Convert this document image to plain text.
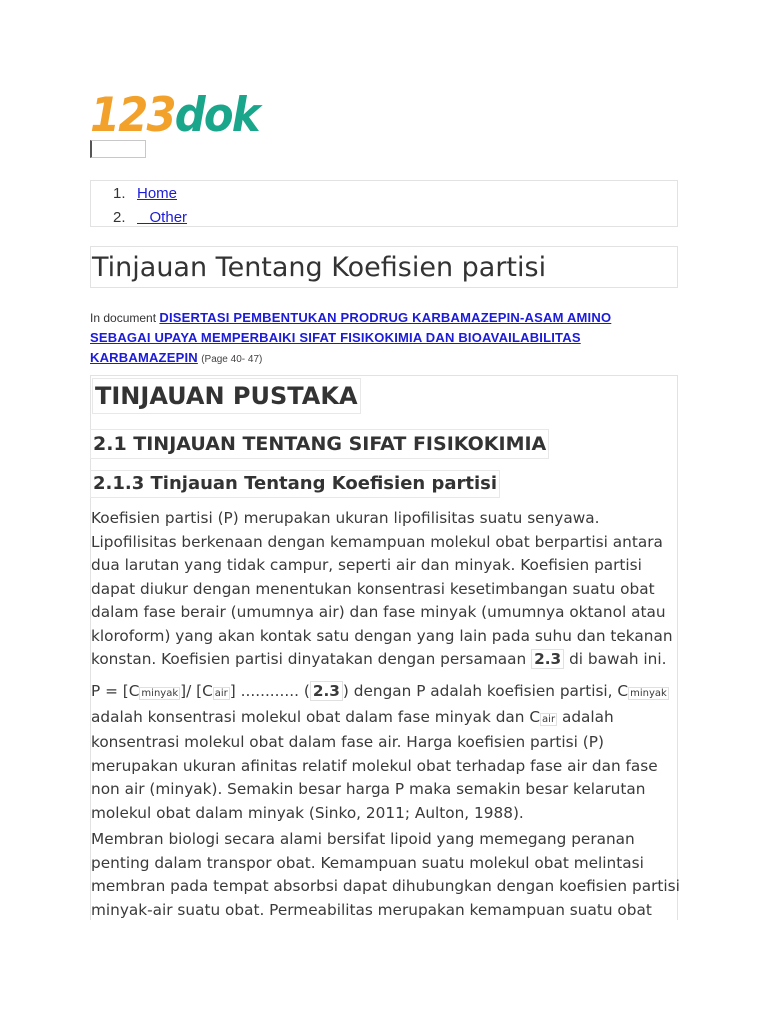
123dok
1. Home
2. Other
Tinjauan Tentang Koefisien partisi
In document DISERTASI PEMBENTUKAN PRODRUG KARBAMAZEPIN-ASAM AMINO
SEBAGAI UPAYA MEMPERBAIKI SIFAT FISIKOKIMIA DAN BIOAVAILABILITAS
KARBAMAZEPIN (Page 40- 47)
TINJAUAN PUSTAKA
2.1 TINJAUAN TENTANG SIFAT FISIKOKIMIA
2.1.3 Tinjauan Tentang Koefisien partisi
Koefisien partisi (P) merupakan ukuran lipofilisitas suatu senyawa. Lipofilisitas berkenaan dengan kemampuan molekul obat berpartisi antara dua larutan yang tidak campur, seperti air dan minyak. Koefisien partisi dapat diukur dengan menentukan konsentrasi kesetimbangan suatu obat dalam fase berair (umumnya air) dan fase minyak (umumnya oktanol atau kloroform) yang akan kontak satu dengan yang lain pada suhu dan tekanan konstan. Koefisien partisi dinyatakan dengan persamaan 2.3 di bawah ini.
P = [C minyak ]/ [C air ] ............ ( 2.3 ) dengan P adalah koefisien partisi, C minyak adalah konsentrasi molekul obat dalam fase minyak dan C air adalah konsentrasi molekul obat dalam fase air. Harga koefisien partisi (P) merupakan ukuran afinitas relatif molekul obat terhadap fase air dan fase non air (minyak). Semakin besar harga P maka semakin besar kelarutan molekul obat dalam minyak (Sinko, 2011; Aulton, 1988).
Membran biologi secara alami bersifat lipoid yang memegang peranan penting dalam transpor obat. Kemampuan suatu molekul obat melintasi membran pada tempat absorbsi dapat dihubungkan dengan koefisien partisi minyak-air suatu obat. Permeabilitas merupakan kemampuan suatu obat
